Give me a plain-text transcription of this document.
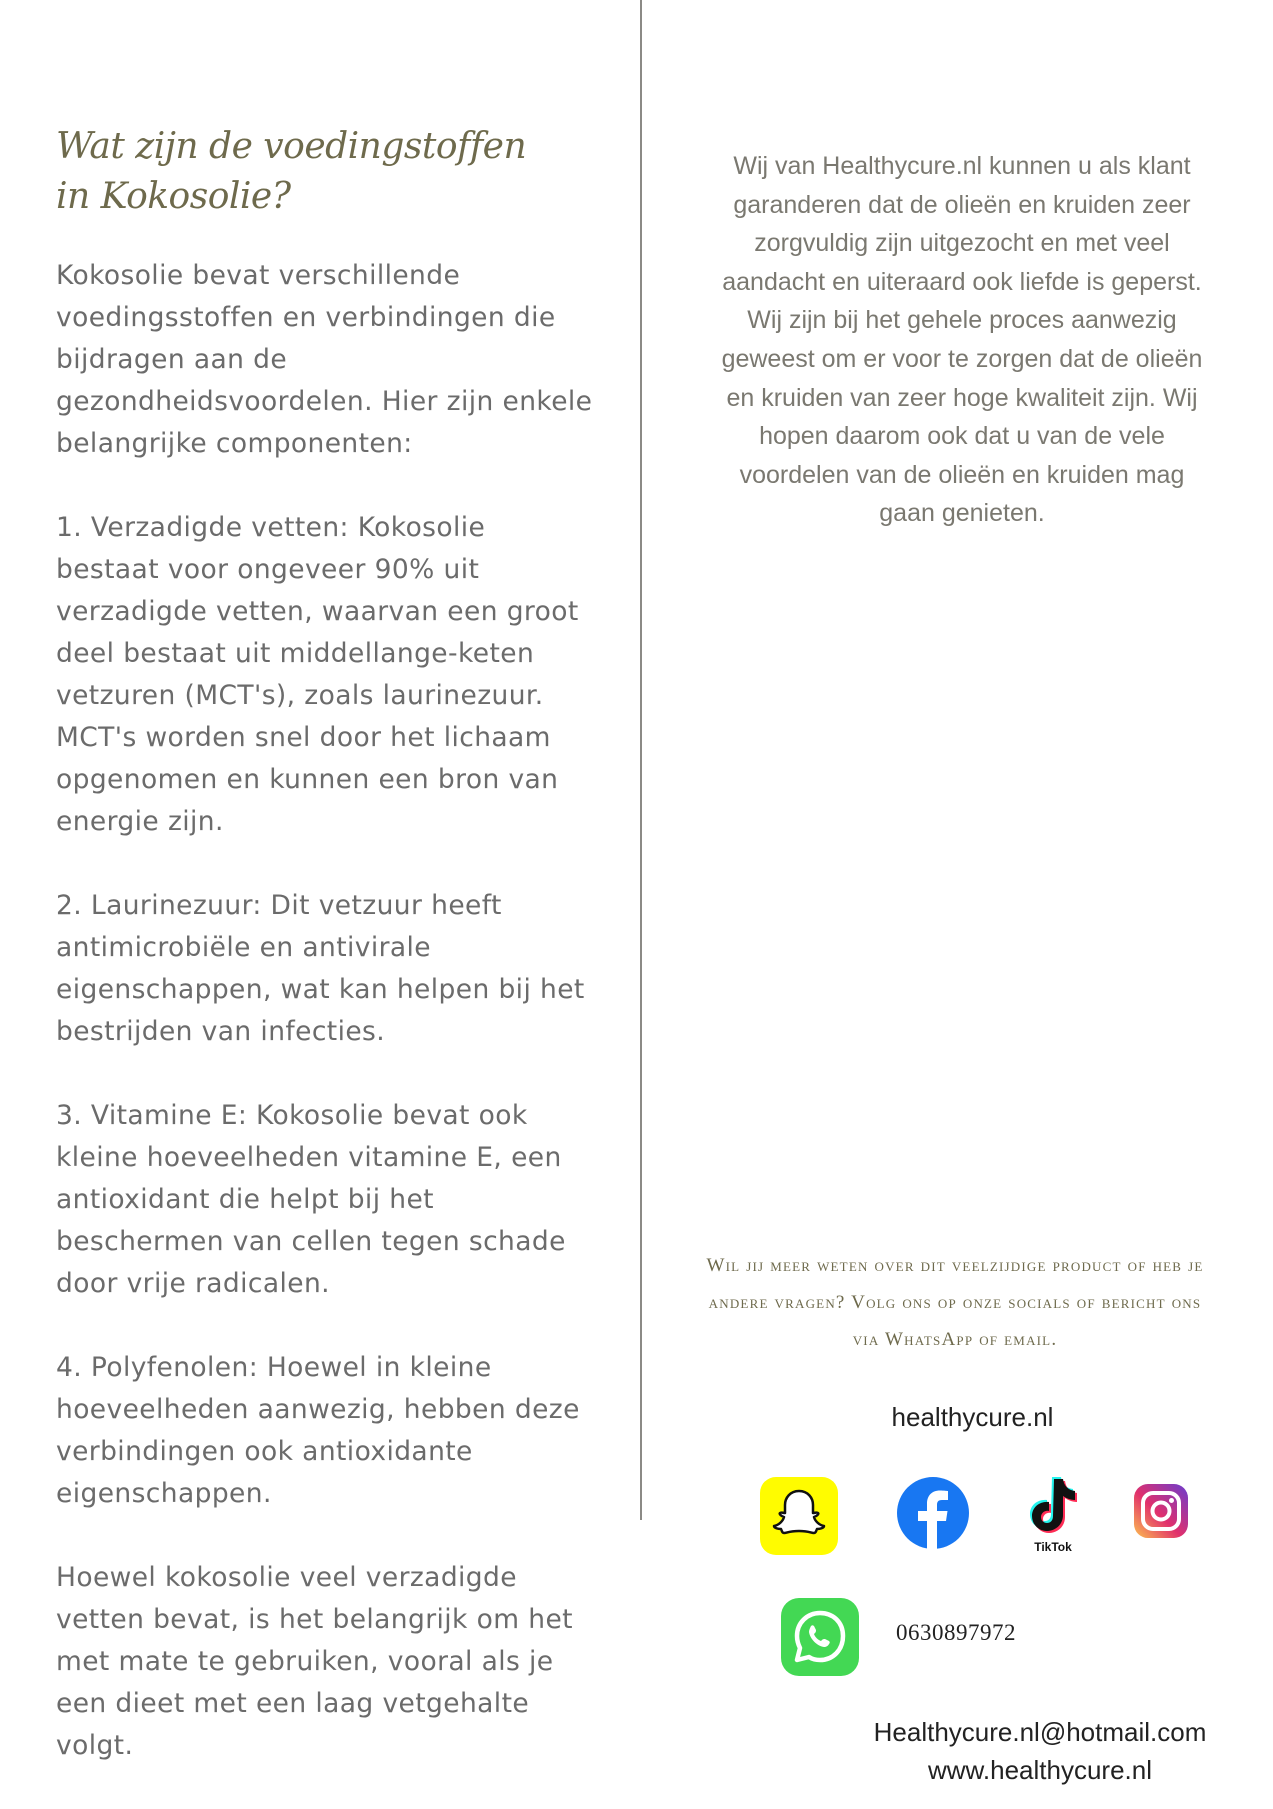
Wat zijn de voedingstoffen
in Kokosolie?

Kokosolie bevat verschillende voedingsstoffen en verbindingen die bijdragen aan de gezondheidsvoordelen. Hier zijn enkele belangrijke componenten:

1. Verzadigde vetten: Kokosolie bestaat voor ongeveer 90% uit verzadigde vetten, waarvan een groot deel bestaat uit middellange-keten vetzuren (MCT's), zoals laurinezuur. MCT's worden snel door het lichaam opgenomen en kunnen een bron van energie zijn.

2. Laurinezuur: Dit vetzuur heeft antimicrobiële en antivirale eigenschappen, wat kan helpen bij het bestrijden van infecties.

3. Vitamine E: Kokosolie bevat ook kleine hoeveelheden vitamine E, een antioxidant die helpt bij het beschermen van cellen tegen schade door vrije radicalen.

4. Polyfenolen: Hoewel in kleine hoeveelheden aanwezig, hebben deze verbindingen ook antioxidante eigenschappen.

Hoewel kokosolie veel verzadigde vetten bevat, is het belangrijk om het met mate te gebruiken, vooral als je een dieet met een laag vetgehalte volgt.

Wij van Healthycure.nl kunnen u als klant garanderen dat de olieën en kruiden zeer zorgvuldig zijn uitgezocht en met veel aandacht en uiteraard ook liefde is geperst. Wij zijn bij het gehele proces aanwezig geweest om er voor te zorgen dat de olieën en kruiden van zeer hoge kwaliteit zijn. Wij hopen daarom ook dat u van de vele voordelen van de olieën en kruiden mag gaan genieten.
Wil jij meer weten over dit veelzijdige product of heb je andere vragen? Volg ons op onze socials of bericht ons via WhatsApp of email.
healthycure.nl
TikTok
0630897972
Healthycure.nl@hotmail.com
www.healthycure.nl
